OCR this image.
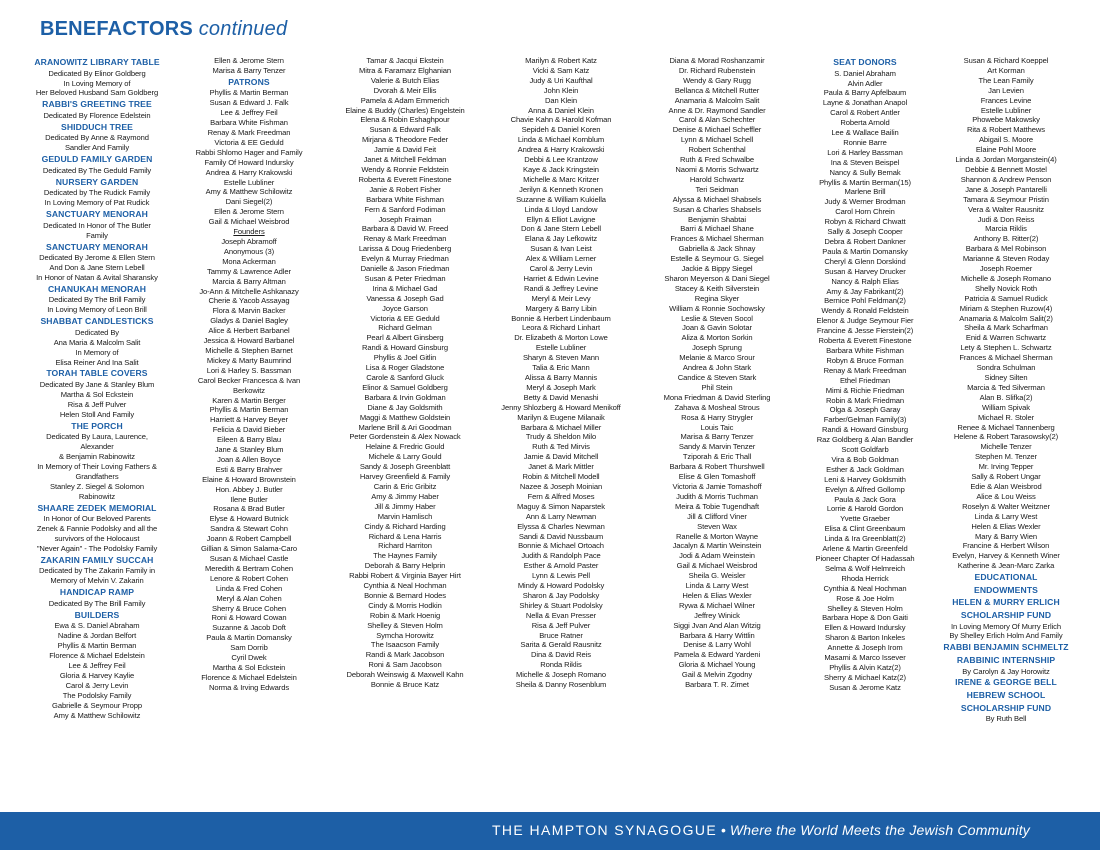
BENEFACTORS continued
ARANOWITZ LIBRARY TABLE
Dedicated By Elinor Goldberg
In Loving Memory of
Her Beloved Husband Sam Goldberg
RABBI'S GREETING TREE
Dedicated By Florence Edelstein
SHIDDUCH TREE
Dedicated By Anne & Raymond
Sandler And Family
GEDULD FAMILY GARDEN
Dedicated By The Geduld Family
NURSERY GARDEN
Dedicated by The Rudick Family
In Loving Memory of Pat Rudick
SANCTUARY MENORAH
Dedicated In Honor of The Butler
Family
SANCTUARY MENORAH
Dedicated By Jerome & Ellen Stern
And Don & Jane Stern Lebell
In Honor of Natan & Avital Sharansky
CHANUKAH MENORAH
Dedicated By The Brill Family
In Loving Memory of Leon Brill
SHABBAT CANDLESTICKS
Dedicated By
Ana Maria & Malcolm Salit
In Memory of
Elisa Reiner And Ina Salit
TORAH TABLE COVERS
Dedicated By Jane & Stanley Blum
Martha & Sol Eckstein
Risa & Jeff Pulver
Helen Stoll And Family
THE PORCH
Dedicated By Laura, Laurence,
Alexander
& Benjamin Rabinowitz
In Memory of Their Loving Fathers &
Grandfathers
Stanley Z. Siegel & Solomon
Rabinowitz
SHAARE ZEDEK MEMORIAL
In Honor of Our Beloved Parents
Zenek & Fannie Podolsky and all the
survivors of the Holocaust
"Never Again" - The Podolsky Family
ZAKARIN FAMILY SUCCAH
Dedicated by The Zakarin Family in
Memory of Melvin V. Zakarin
HANDICAP RAMP
Dedicated By The Brill Family
BUILDERS
Ewa & S. Daniel Abraham
Nadine & Jordan Belfort
Phyllis & Martin Berman
Florence & Michael Edelstein
Lee & Jeffrey Feil
Gloria & Harvey Kaylie
Carol & Jerry Levin
The Podolsky Family
Gabrielle & Seymour Propp
Amy & Matthew Schilowitz
Ellen & Jerome Stern
Marisa & Barry Tenzer
PATRONS
Phyllis & Martin Berman
Susan & Edward J. Falk
Lee & Jeffrey Feil
Barbara White Fishman
Renay & Mark Freedman
Victoria & EE Geduld
Rabbi Shlomo Hager and Family
Family Of Howard Indursky
Andrea & Harry Krakowski
Estelle Lubliner
Amy & Matthew Schilowitz
Dani Siegel(2)
Ellen & Jerome Stern
Gail & Michael Weisbrod
Founders
Joseph Abramoff
Anonymous (3)
Mona Ackerman
Tammy & Lawrence Adler
Marcia & Barry Altman
Jo-Ann & Mitchelle Ashkanazy
Cherie & Yacob Assayag
Flora & Marvin Backer
Gladys & Daniel Bagley
Alice & Herbert Barbanel
Jessica & Howard Barbanel
Michelle & Stephen Barnet
Mickey & Marty Baumrind
Lori & Harley S. Bassman
Carol Becker Francesca & Ivan
Berkowitz
Karen & Martin Berger
Phyllis & Martin Berman
Harriett & Harvey Beyer
Felicia & David Bieber
Eileen & Barry Blau
Jane & Stanley Blum
Joan & Allen Boyce
Esti & Barry Brahver
Elaine & Howard Brownstein
Hon. Abbey J. Butler
Ilene Butler
Rosana & Brad Butler
Elyse & Howard Butnick
Sandra & Stewart Cohn
Joann & Robert Campbell
Gillian & Simon Salama-Caro
Susan & Michael Castle
Meredith & Bertram Cohen
Lenore & Robert Cohen
Linda & Fred Cohen
Meryl & Alan Cohen
Sherry & Bruce Cohen
Roni & Howard Cowan
Suzanne & Jacob Doft
Paula & Martin Domansky
Sam Dorrib
Cyril Dwek
Martha & Sol Eckstein
Florence & Michael Edelstein
Norma & Irving Edwards
Tamar & Jacqui Ekstein
Mitra & Faramarz Elghanian
Valerie & Butch Elias
Dvorah & Meir Ellis
Pamela & Adam Emmerich
Elaine & Buddy (Charles) Engelstein
Elena & Robin Eshaghpour
Susan & Edward Falk
Mirjana & Theodore Feder
Jamie & David Feit
Janet & Mitchell Feldman
Wendy & Ronnie Feldstein
Roberta & Everett Finestone
Janie & Robert Fisher
Barbara White Fishman
Fern & Sanford Fodiman
Joseph Fraiman
Barbara & David W. Freed
Renay & Mark Freedman
Larissa & Doug Friedenberg
Evelyn & Murray Friedman
Danielle & Jason Friedman
Susan & Peter Friedman
Irina & Michael Gad
Vanessa & Joseph Gad
Joyce Garson
Victoria & EE Geduld
Richard Gelman
Pearl & Albert Ginsberg
Randi & Howard Ginsburg
Phyllis & Joel Gitlin
Lisa & Roger Gladstone
Carole & Sanford Gluck
Elinor & Samuel Goldberg
Barbara & Irvin Goldman
Diane & Jay Goldsmith
Maggi & Matthew Goldstein
Marlene Brill & Ari Goodman
Peter Gordenstein & Alex Nowack
Helaine & Fredric Gould
Michele & Larry Gould
Sandy & Joseph Greenblatt
Harvey Greenfield & Family
Carin & Eric Gribitz
Amy & Jimmy Haber
Jill & Jimmy Haber
Marvin Hamlisch
Cindy & Richard Harding
Richard & Lena Harris
Richard Harriton
The Haynes Family
Deborah & Barry Helprin
Rabbi Robert & Virginia Bayer Hirt
Cynthia & Neal Hochman
Bonnie & Bernard Hodes
Cindy & Morris Hodkin
Robin & Mark Hoenig
Shelley & Steven Holm
Symcha Horowitz
The Isaacson Family
Randi & Mark Jacobson
Roni & Sam Jacobson
Deborah Weinswig & Maxwell Kahn
Bonnie & Bruce Katz
Marilyn & Robert Katz
Vicki & Sam Katz
Judy & Uri Kaufthal
John Klein
Dan Klein
Anna & Daniel Klein
Chavie Kahn & Harold Kofman
Sepideh & Daniel Koren
Linda & Michael Kornblum
Andrea & Harry Krakowski
Debbi & Lee Krantzow
Kaye & Jack Kringstein
Michelle & Marc Kritzer
Jerilyn & Kenneth Kronen
Suzanne & William Kukiella
Linda & Lloyd Landow
Ellyn & Elliot Lavigne
Don & Jane Stern Lebell
Elana & Jay Lefkowitz
Susan & Ivan Leist
Alex & William Lerner
Carol & Jerry Levin
Harriet & Edwin Levine
Randi & Jeffrey Levine
Meryl & Meir Levy
Margery & Barry Libin
Bonnie & Herbert Lindenbaum
Leora & Richard Linhart
Dr. Elizabeth & Morton Lowe
Estelle Lubliner
Sharyn & Steven Mann
Talia & Eric Mann
Alissa & Barry Mannis
Meryl & Joseph Mark
Betty & David Menashi
Jenny Shlozberg & Howard Menikoff
Marilyn & Eugene Milanaik
Barbara & Michael Miller
Trudy & Sheldon Milo
Ruth & Ted Mirvis
Jamie & David Mitchell
Janet & Mark Mittler
Robin & Mitchell Modell
Nazee & Joseph Moinian
Fern & Alfred Moses
Maguy & Simon Naparstek
Ann & Larry Newman
Elyssa & Charles Newman
Sandi & David Nussbaum
Bonnie & Michael Ortoach
Judith & Randolph Pace
Esther & Arnold Paster
Lynn & Lewis Pell
Mindy & Howard Podolsky
Sharon & Jay Podolsky
Shirley & Stuart Podolsky
Nella & Evan Presser
Risa & Jeff Pulver
Bruce Ratner
Sarita & Gerald Rausnitz
Dina & David Reis
Ronda Riklis
Michelle & Joseph Romano
Sheila & Danny Rosenblum
Diana & Morad Roshanzamir
Dr. Richard Rubenstein
Wendy & Gary Rugg
Bellanca & Mitchell Rutter
Anamaria & Malcolm Salit
Anne & Dr. Raymond Sandler
Carol & Alan Schechter
Denise & Michael Scheffler
Lynn & Michael Schell
Robert Schenthal
Ruth & Fred Schwalbe
Naomi & Morris Schwartz
Harold Schwartz
Teri Seidman
Alyssa & Michael Shabsels
Susan & Charles Shabsels
Benjamin Shabtai
Barri & Michael Shane
Frances & Michael Sherman
Gabriella & Jack Shnay
Estelle & Seymour G. Siegel
Jackie & Bippy Siegel
Sharon Meyerson & Dani Siegel
Stacey & Keith Silverstein
Regina Skyer
William & Ronnie Sochowsky
Leslie & Steven Socol
Joan & Gavin Solotar
Aliza & Morton Sorkin
Joseph Sprung
Melanie & Marco Srour
Andrea & John Stark
Candice & Steven Stark
Phil Stein
Mona Friedman & David Sterling
Zahava & Mosheal Strous
Rosa & Harry Strygler
Louis Taic
Marisa & Barry Tenzer
Sandy & Marvin Tenzer
Tziporah & Eric Thall
Barbara & Robert Thurshwell
Elise & Glen Tomashoff
Victoria & Jamie Tomashoff
Judith & Morris Tuchman
Meira & Tobie Tugendhaft
Jill & Clifford Viner
Steven Wax
Ranelle & Morton Wayne
Jacalyn & Martin Weinstein
Jodi & Adam Weinstein
Gail & Michael Weisbrod
Sheila G. Weisler
Linda & Larry West
Helen & Elias Wexler
Rywa & Michael Wilner
Jeffrey Winick
Siggi Jvan And Alan Witzig
Barbara & Harry Wittlin
Denise & Larry Wohl
Pamela & Edward Yardeni
Gloria & Michael Young
Gail & Melvin Zgodny
Barbara T. R. Zimet
SEAT DONORS
S. Daniel Abraham
Alvin Adler
Paula & Barry Apfelbaum
Layne & Jonathan Anapol
Carol & Robert Antler
Roberta Arnold
Lee & Wallace Bailin
Ronnie Barre
Lori & Harley Bassman
Ina & Steven Beispel
Nancy & Sully Bemak
Phyllis & Martin Berman(15)
Marlene Brill
Judy & Werner Brodman
Carol Horn Chrein
Robyn & Richard Chwatt
Sally & Joseph Cooper
Debra & Robert Dankner
Paula & Martin Domansky
Cheryl & Glenn Dorskind
Susan & Harvey Drucker
Nancy & Ralph Elias
Amy & Jay Fabrikant(2)
Bernice Pohl Feldman(2)
Wendy & Ronald Feldstein
Elenor & Judge Seymour Fier
Francine & Jesse Fierstein(2)
Roberta & Everett Finestone
Barbara White Fishman
Robyn & Bruce Forman
Renay & Mark Freedman
Ethel Friedman
Mimi & Richie Friedman
Robin & Mark Friedman
Olga & Joseph Garay
Farber/Gelman Family(3)
Randi & Howard Ginsburg
Raz Goldberg & Alan Bandler
Scott Goldfarb
Vira & Bob Goldman
Esther & Jack Goldman
Leni & Harvey Goldsmith
Evelyn & Alfred Gollomp
Paula & Jack Gora
Lorrie & Harold Gordon
Yvette Graeber
Elisa & Clint Greenbaum
Linda & Ira Greenblatt(2)
Arlene & Martin Greenfeld
Pioneer Chapter Of Hadassah
Selma & Wolf Helmreich
Rhoda Herrick
Cynthia & Neal Hochman
Rose & Joe Holm
Shelley & Steven Holm
Barbara Hope & Don Gaiti
Ellen & Howard Indursky
Sharon & Barton Inkeles
Annette & Joseph Irom
Masami & Marco Issever
Phyllis & Alvin Katz(2)
Sherry & Michael Katz(2)
Susan & Jerome Katz
Susan & Richard Koeppel
Art Korman
The Lean Family
Jan Levien
Frances Levine
Estelle Lubliner
Phowebe Makowsky
Rita & Robert Matthews
Abigail S. Moore
Elaine Pohl Moore
Linda & Jordan Morganstein(4)
Debbie & Bennett Mostel
Shannon & Andrew Penson
Jane & Joseph Pantarelli
Tamara & Seymour Pristin
Vera & Walter Rausnitz
Judi & Don Reiss
Marcia Riklis
Anthony B. Ritter(2)
Barbara & Mel Robinson
Marianne & Steven Roday
Joseph Roemer
Michelle & Joseph Romano
Shelly Novick Roth
Patricia & Samuel Rudick
Miriam & Stephen Ruzow(4)
Anamaria & Malcolm Salit(2)
Sheila & Mark Scharfman
Enid & Warren Schwartz
Lety & Stephen L. Schwartz
Frances & Michael Sherman
Sondra Schulman
Sidney Silten
Marcia & Ted Silverman
Alan B. Slifka(2)
William Spivak
Michael R. Stoler
Renee & Michael Tannenberg
Helene & Robert Tarasowsky(2)
Michelle Tenzer
Stephen M. Tenzer
Mr. Irving Tepper
Sally & Robert Ungar
Edie & Alan Weisbrod
Alice & Lou Weiss
Roselyn & Walter Weitzner
Linda & Larry West
Helen & Elias Wexler
Mary & Barry Wien
Francine & Herbert Wilson
Evelyn, Harvey & Kenneth Winer
Katherine & Jean-Marc Zarka
EDUCATIONAL
ENDOWMENTS
HELEN & MURRY ERLICH
SCHOLARSHIP FUND
In Loving Memory Of Murry Erlich
By Shelley Erlich Holm And Family
RABBI BENJAMIN SCHMELTZ
RABBINIC INTERNSHIP
By Carolyn & Jay Horowitz
IRENE & GEORGE BELL
HEBREW SCHOOL
SCHOLARSHIP FUND
By Ruth Bell
THE HAMPTON SYNAGOGUE • Where the World Meets the Jewish Community
